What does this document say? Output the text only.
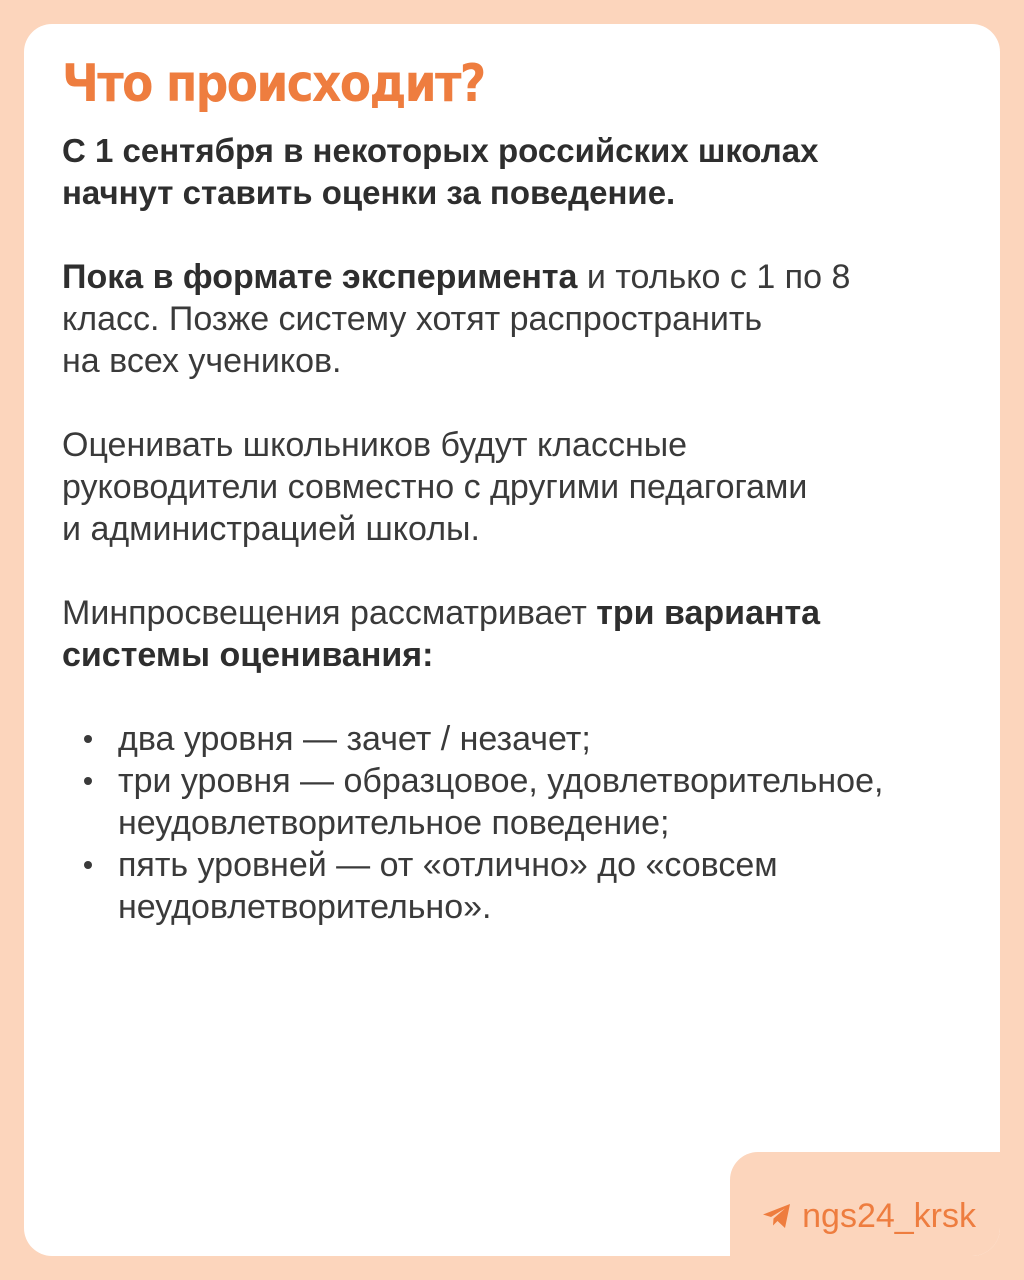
Что происходит?

С 1 сентября в некоторых российских школах
начнут ставить оценки за поведение.

Пока в формате эксперимента и только с 1 по 8
класс. Позже систему хотят распространить
на всех учеников.

Оценивать школьников будут классные
руководители совместно с другими педагогами
и администрацией школы.

Минпросвещения рассматривает три варианта
системы оценивания:

два уровня — зачет / незачет;
три уровня — образцовое, удовлетворительное,
неудовлетворительное поведение;
пять уровней — от «отлично» до «совсем
неудовлетворительно».
ngs24_krsk
